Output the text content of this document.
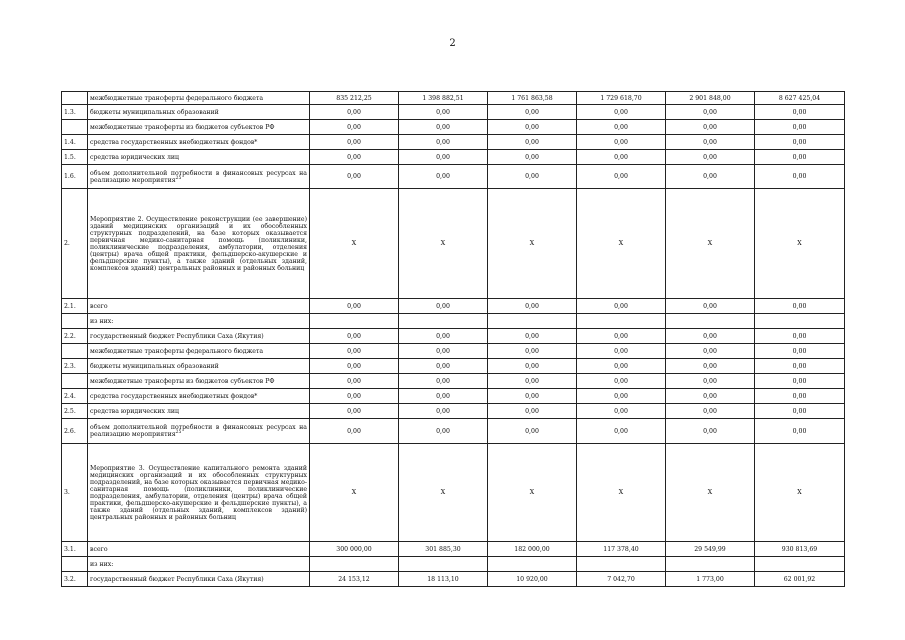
2
	межбюджетные трансферты федерального бюджета	835 212,25	1 398 882,51	1 761 863,58	1 729 618,70	2 901 848,00	8 627 425,04
1.3.	бюджеты муниципальных образований	0,00	0,00	0,00	0,00	0,00	0,00
	межбюджетные трансферты из бюджетов субъектов РФ	0,00	0,00	0,00	0,00	0,00	0,00
1.4.	средства государственных внебюджетных фондов*	0,00	0,00	0,00	0,00	0,00	0,00
1.5.	средства юридических лиц	0,00	0,00	0,00	0,00	0,00	0,00
1.6.	объем дополнительной потребности в финансовых ресурсах на реализацию мероприятия$^{25}$	0,00	0,00	0,00	0,00	0,00	0,00
2.	Мероприятие 2. Осуществление реконструкции (ее завершение) зданий медицинских организаций и их обособленных структурных подразделений, на базе которых оказывается первичная медико-санитарная помощь (поликлиники, поликлинические подразделения, амбулатории, отделения (центры) врача общей практики, фельдшерско-акушерские и фельдшерские пункты), а также зданий (отдельных зданий, комплексов зданий) центральных районных и районных больниц	Х	Х	Х	Х	Х	Х
2.1.	всего	0,00	0,00	0,00	0,00	0,00	0,00
	из них:						
2.2.	государственный бюджет Республики Саха (Якутия)	0,00	0,00	0,00	0,00	0,00	0,00
	межбюджетные трансферты федерального бюджета	0,00	0,00	0,00	0,00	0,00	0,00
2.3.	бюджеты муниципальных образований	0,00	0,00	0,00	0,00	0,00	0,00
	межбюджетные трансферты из бюджетов субъектов РФ	0,00	0,00	0,00	0,00	0,00	0,00
2.4.	средства государственных внебюджетных фондов*	0,00	0,00	0,00	0,00	0,00	0,00
2.5.	средства юридических лиц	0,00	0,00	0,00	0,00	0,00	0,00
2.6.	объем дополнительной потребности в финансовых ресурсах на реализацию мероприятия$^{25}$	0,00	0,00	0,00	0,00	0,00	0,00
3.	Мероприятие 3. Осуществление капитального ремонта зданий медицинских организаций и их обособленных структурных подразделений, на базе которых оказывается первичная медико-санитарная помощь (поликлиники, поликлинические подразделения, амбулатории, отделения (центры) врача общей практики, фельдшерско-акушерские и фельдшерские пункты), а также зданий (отдельных зданий, комплексов зданий) центральных районных и районных больниц	Х	Х	Х	Х	Х	Х
3.1.	всего	300 000,00	301 885,30	182 000,00	117 378,40	29 549,99	930 813,69
	из них:						
3.2.	государственный бюджет Республики Саха (Якутия)	24 153,12	18 113,10	10 920,00	7 042,70	1 773,00	62 001,92
